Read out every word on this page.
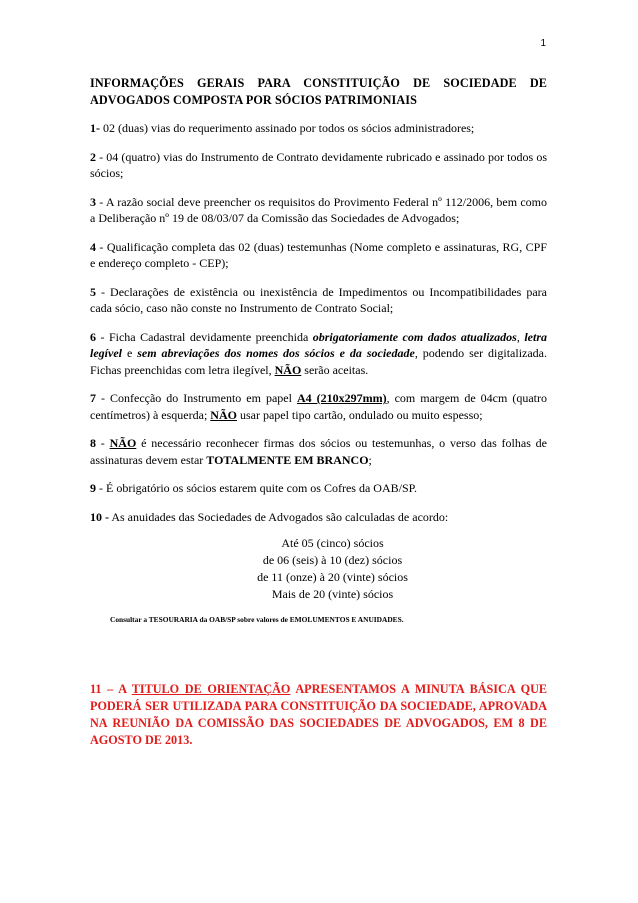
1

INFORMAÇÕES GERAIS PARA CONSTITUIÇÃO DE SOCIEDADE DE ADVOGADOS COMPOSTA POR SÓCIOS PATRIMONIAIS

1- 02 (duas) vias do requerimento assinado por todos os sócios administradores;

2 - 04 (quatro) vias do Instrumento de Contrato devidamente rubricado e assinado por todos os sócios;

3 - A razão social deve preencher os requisitos do Provimento Federal nº 112/2006, bem como a Deliberação nº 19 de 08/03/07 da Comissão das Sociedades de Advogados;

4 - Qualificação completa das 02 (duas) testemunhas (Nome completo e assinaturas, RG, CPF e endereço completo - CEP);

5 - Declarações de existência ou inexistência de Impedimentos ou Incompatibilidades para cada sócio, caso não conste no Instrumento de Contrato Social;

6 - Ficha Cadastral devidamente preenchida obrigatoriamente com dados atualizados, letra legível e sem abreviações dos nomes dos sócios e da sociedade, podendo ser digitalizada. Fichas preenchidas com letra ilegível, NÃO serão aceitas.

7 - Confecção do Instrumento em papel A4 (210x297mm), com margem de 04cm (quatro centímetros) à esquerda; NÃO usar papel tipo cartão, ondulado ou muito espesso;

8 - NÃO é necessário reconhecer firmas dos sócios ou testemunhas, o verso das folhas de assinaturas devem estar TOTALMENTE EM BRANCO;

9 - É obrigatório os sócios estarem quite com os Cofres da OAB/SP.

10 - As anuidades das Sociedades de Advogados são calculadas de acordo:

Até 05 (cinco) sócios

de 06 (seis) à 10 (dez) sócios

de 11 (onze) à 20 (vinte) sócios

Mais de 20 (vinte) sócios

Consultar a TESOURARIA da OAB/SP sobre valores de EMOLUMENTOS E ANUIDADES.

11 – A TITULO DE ORIENTAÇÃO APRESENTAMOS A MINUTA BÁSICA QUE PODERÁ SER UTILIZADA PARA CONSTITUIÇÃO DA SOCIEDADE, APROVADA NA REUNIÃO DA COMISSÃO DAS SOCIEDADES DE ADVOGADOS, EM 8 DE AGOSTO DE 2013.
